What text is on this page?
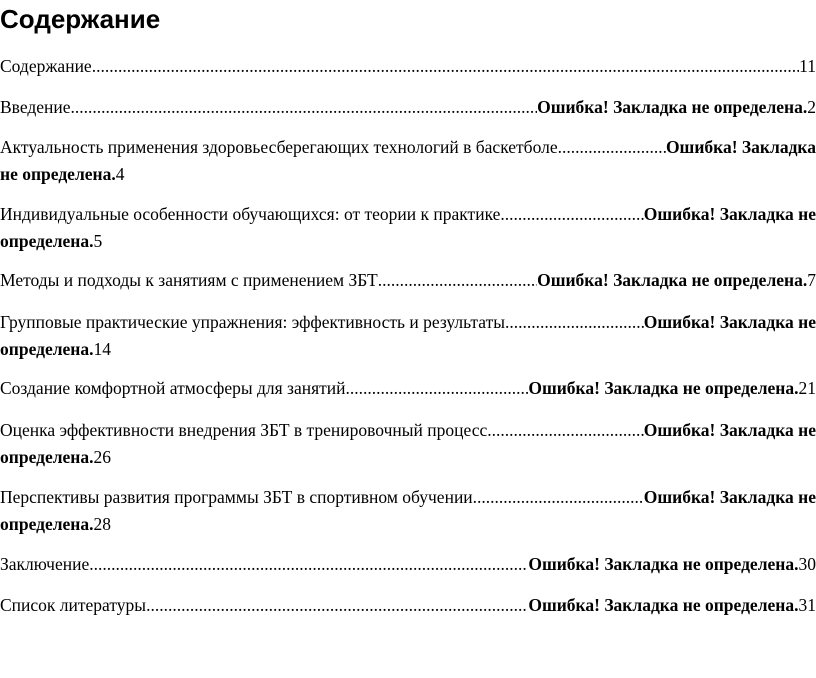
Содержание
Содержание .....	11
Введение .....	Ошибка! Закладка не определена. 2
Актуальность применения здоровьесберегающих технологий в баскетболе .....	Ошибка! Закладка
не определена.4
Индивидуальные особенности обучающихся: от теории к практике .....	Ошибка! Закладка не
определена.5
Методы и подходы к занятиям с применением ЗБТ .....	Ошибка! Закладка не определена. 7
Групповые практические упражнения: эффективность и результаты .....	Ошибка! Закладка не
определена.14
Создание комфортной атмосферы для занятий .....	Ошибка! Закладка не определена. 21
Оценка эффективности внедрения ЗБТ в тренировочный процесс .....	Ошибка! Закладка не
определена.26
Перспективы развития программы ЗБТ в спортивном обучении .....	Ошибка! Закладка не
определена.28
Заключение .....	Ошибка! Закладка не определена. 30
Список литературы .....	Ошибка! Закладка не определена. 31
